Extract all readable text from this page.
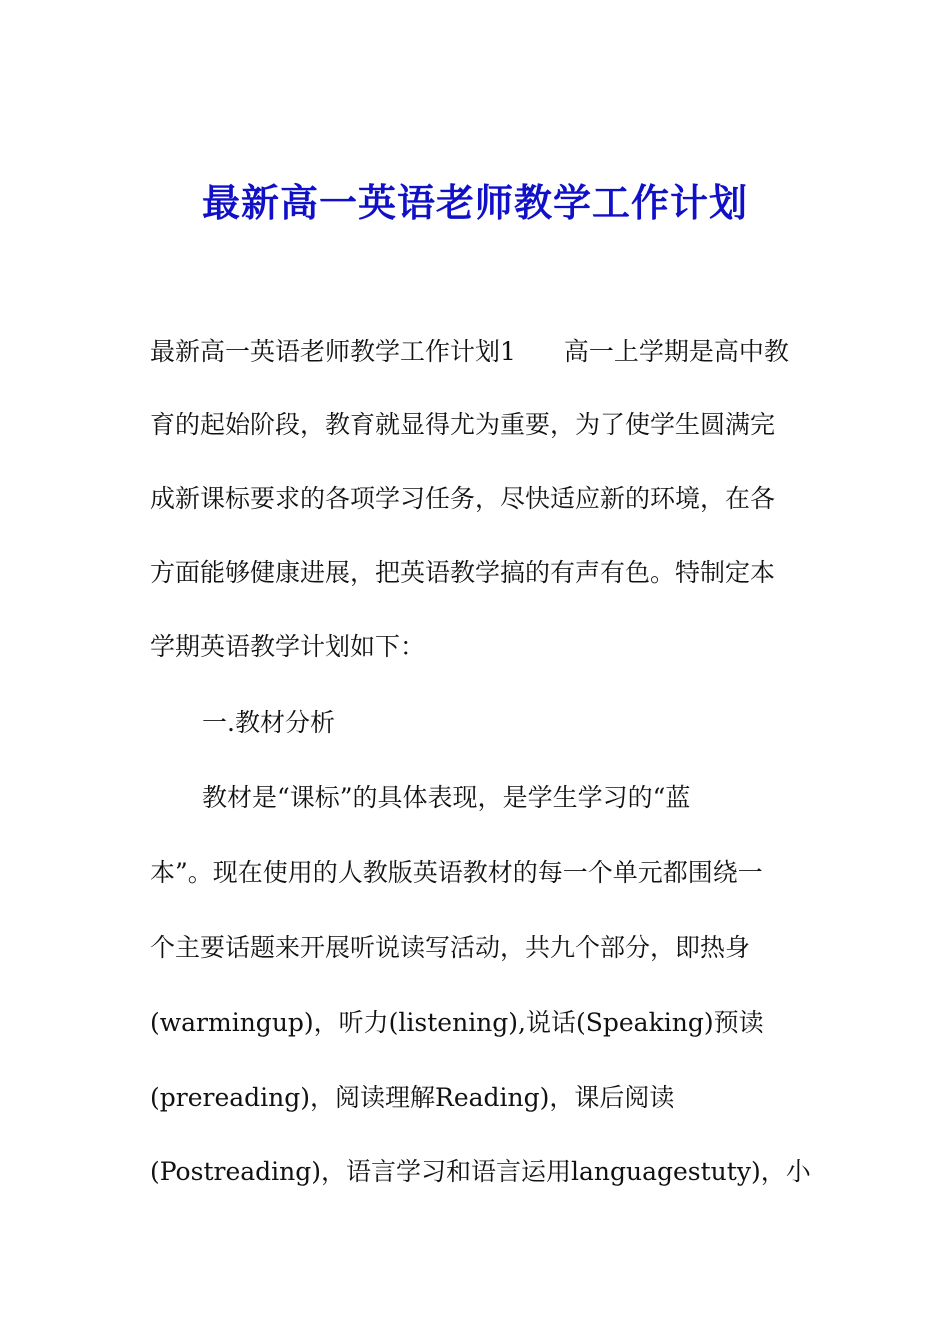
最新高一英语老师教学工作计划
最新高一英语老师教学工作计划1 高一上学期是高中教
育的起始阶段，教育就显得尤为重要，为了使学生圆满完
成新课标要求的各项学习任务，尽快适应新的环境，在各
方面能够健康进展，把英语教学搞的有声有色。特制定本
学期英语教学计划如下：
一.教材分析
教材是“课标”的具体表现，是学生学习的“蓝
本”。现在使用的人教版英语教材的每一个单元都围绕一
个主要话题来开展听说读写活动，共九个部分，即热身
(warmingup)，听力(listening),说话(Speaking)预读
(prereading)，阅读理解Reading)，课后阅读
(Postreading)，语言学习和语言运用languagestuty)，小
